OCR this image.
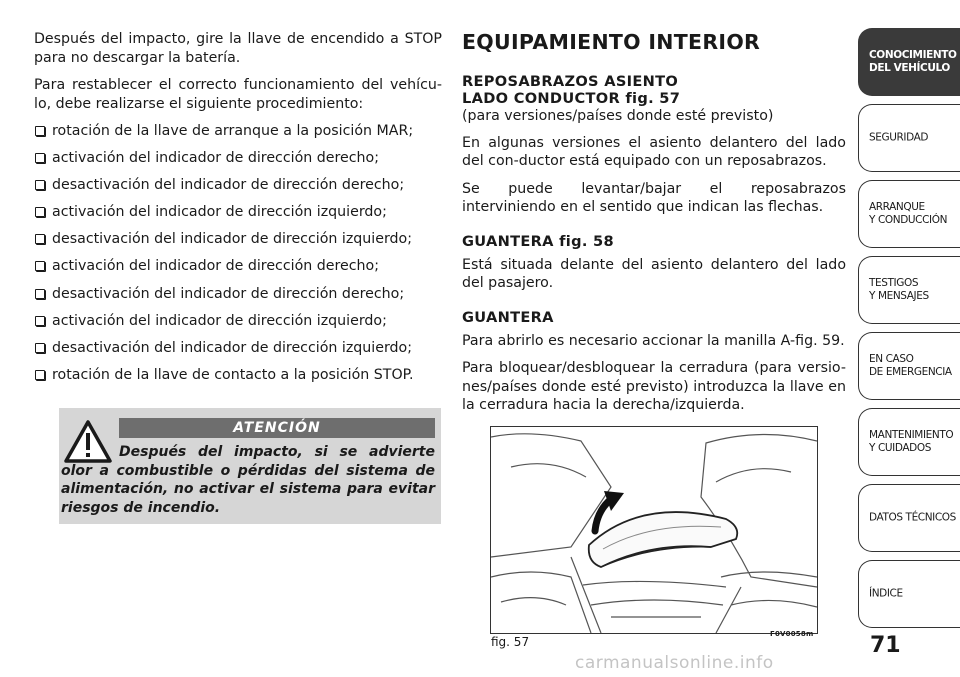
Después del impacto, gire la llave de encendido a STOP para no descargar la batería.

Para restablecer el correcto funcionamiento del vehícu-lo, debe realizarse el siguiente procedimiento:

rotación de la llave de arranque a la posición MAR;
activación del indicador de dirección derecho;
desactivación del indicador de dirección derecho;
activación del indicador de dirección izquierdo;
desactivación del indicador de dirección izquierdo;
activación del indicador de dirección derecho;
desactivación del indicador de dirección derecho;
activación del indicador de dirección izquierdo;
desactivación del indicador de dirección izquierdo;
rotación de la llave de contacto a la posición STOP.
ATENCIÓN
Después del impacto, si se advierte olor a combustible o pérdidas del sistema de alimentación, no activar el sistema para evitar riesgos de incendio.
EQUIPAMIENTO INTERIOR
REPOSABRAZOS ASIENTO
LADO CONDUCTOR fig. 57

(para versiones/países donde esté previsto)

En algunas versiones el asiento delantero del lado del con-ductor está equipado con un reposabrazos.

Se puede levantar/bajar el reposabrazos interviniendo en el sentido que indican las flechas.

GUANTERA fig. 58

Está situada delante del asiento delantero del lado del pasajero.

GUANTERA

Para abrirlo es necesario accionar la manilla A-fig. 59.

Para bloquear/desbloquear la cerradura (para versio-nes/países donde esté previsto) introduzca la llave en la cerradura hacia la derecha/izquierda.

fig. 57
F0V0058m
CONOCIMIENTO
DEL VEHÍCULO
SEGURIDAD
ARRANQUE
Y CONDUCCIÓN
TESTIGOS
Y MENSAJES
EN CASO
DE EMERGENCIA
MANTENIMIENTO
Y CUIDADOS
DATOS TÉCNICOS
ÍNDICE
71
carmanualsonline.info
